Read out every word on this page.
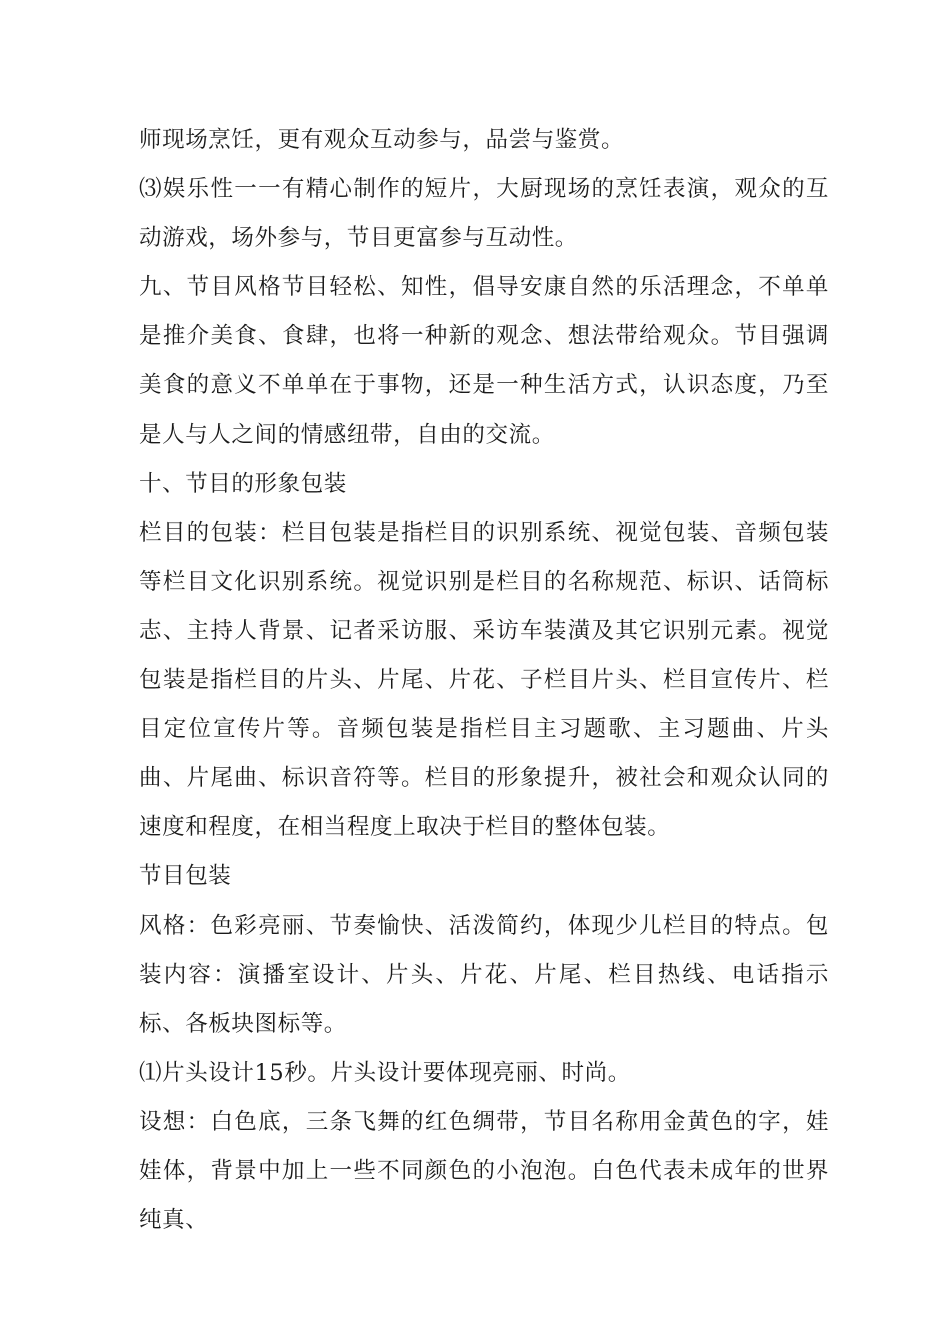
师现场烹饪，更有观众互动参与，品尝与鉴赏。

⑶娱乐性一一有精心制作的短片，大厨现场的烹饪表演，观众的互动游戏，场外参与，节目更富参与互动性。

九、节目风格节目轻松、知性，倡导安康自然的乐活理念，不单单是推介美食、食肆，也将一种新的观念、想法带给观众。节目强调美食的意义不单单在于事物，还是一种生活方式，认识态度，乃至是人与人之间的情感纽带，自由的交流。

十、节目的形象包装

栏目的包装：栏目包装是指栏目的识别系统、视觉包装、音频包装等栏目文化识别系统。视觉识别是栏目的名称规范、标识、话筒标志、主持人背景、记者采访服、采访车装潢及其它识别元素。视觉包装是指栏目的片头、片尾、片花、子栏目片头、栏目宣传片、栏目定位宣传片等。音频包装是指栏目主习题歌、主习题曲、片头曲、片尾曲、标识音符等。栏目的形象提升，被社会和观众认同的速度和程度，在相当程度上取决于栏目的整体包装。

节目包装

风格：色彩亮丽、节奏愉快、活泼简约，体现少儿栏目的特点。包装内容：演播室设计、片头、片花、片尾、栏目热线、电话指示标、各板块图标等。

⑴片头设计15秒。片头设计要体现亮丽、时尚。

设想：白色底，三条飞舞的红色绸带，节目名称用金黄色的字，娃娃体，背景中加上一些不同颜色的小泡泡。白色代表未成年的世界纯真、
